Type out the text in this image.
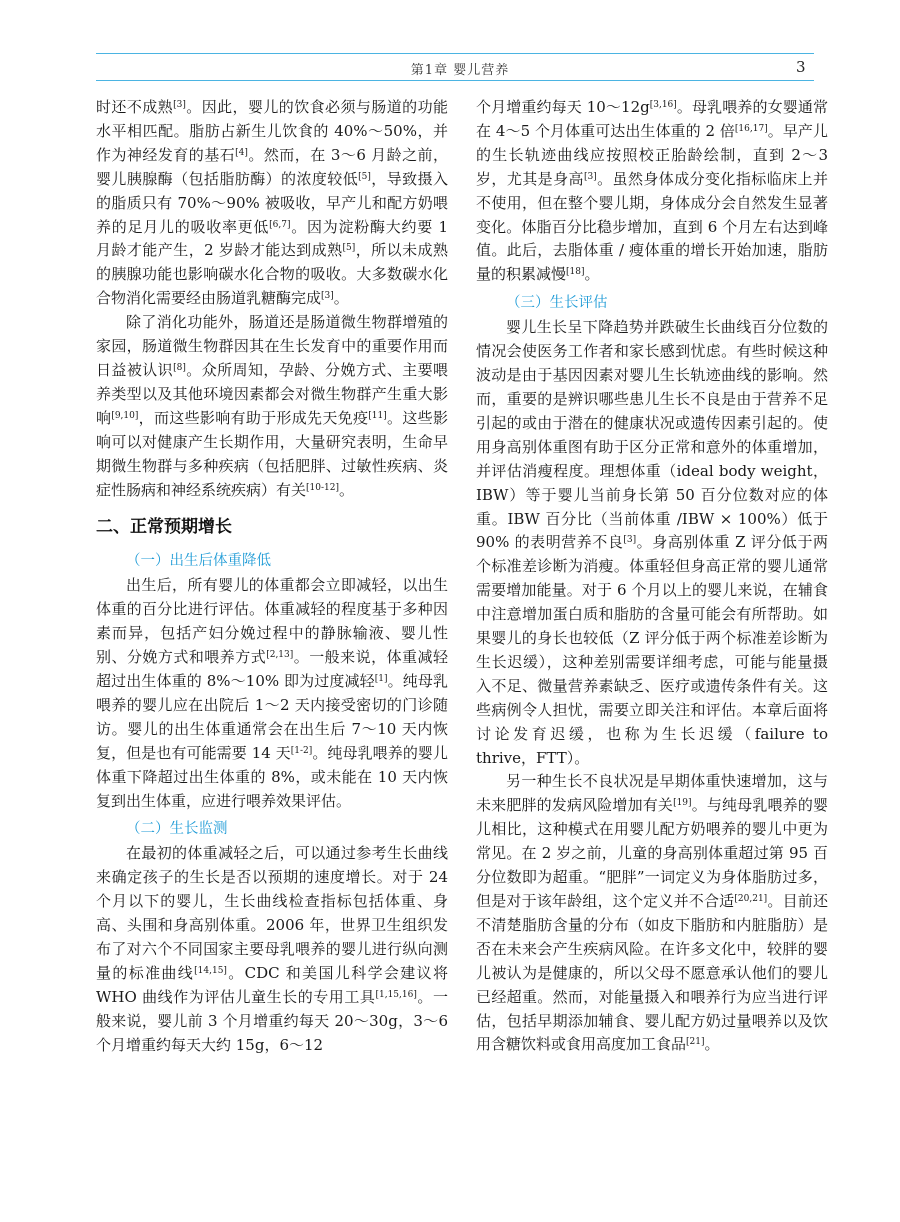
第1章 婴儿营养	3

时还不成熟[3]。因此，婴儿的饮食必须与肠道的功能水平相匹配。脂肪占新生儿饮食的 40%～50%，并作为神经发育的基石[4]。然而，在 3～6 月龄之前，婴儿胰腺酶（包括脂肪酶）的浓度较低[5]，导致摄入的脂质只有 70%～90% 被吸收，早产儿和配方奶喂养的足月儿的吸收率更低[6,7]。因为淀粉酶大约要 1 月龄才能产生，2 岁龄才能达到成熟[5]，所以未成熟的胰腺功能也影响碳水化合物的吸收。大多数碳水化合物消化需要经由肠道乳糖酶完成[3]。

除了消化功能外，肠道还是肠道微生物群增殖的家园，肠道微生物群因其在生长发育中的重要作用而日益被认识[8]。众所周知，孕龄、分娩方式、主要喂养类型以及其他环境因素都会对微生物群产生重大影响[9,10]，而这些影响有助于形成先天免疫[11]。这些影响可以对健康产生长期作用，大量研究表明，生命早期微生物群与多种疾病（包括肥胖、过敏性疾病、炎症性肠病和神经系统疾病）有关[10-12]。

二、正常预期增长
（一）出生后体重降低

出生后，所有婴儿的体重都会立即减轻，以出生体重的百分比进行评估。体重减轻的程度基于多种因素而异，包括产妇分娩过程中的静脉输液、婴儿性别、分娩方式和喂养方式[2,13]。一般来说，体重减轻超过出生体重的 8%～10% 即为过度减轻[1]。纯母乳喂养的婴儿应在出院后 1～2 天内接受密切的门诊随访。婴儿的出生体重通常会在出生后 7～10 天内恢复，但是也有可能需要 14 天[1-2]。纯母乳喂养的婴儿体重下降超过出生体重的 8%，或未能在 10 天内恢复到出生体重，应进行喂养效果评估。

（二）生长监测

在最初的体重减轻之后，可以通过参考生长曲线来确定孩子的生长是否以预期的速度增长。对于 24 个月以下的婴儿，生长曲线检查指标包括体重、身高、头围和身高别体重。2006 年，世界卫生组织发布了对六个不同国家主要母乳喂养的婴儿进行纵向测量的标准曲线[14,15]。CDC 和美国儿科学会建议将 WHO 曲线作为评估儿童生长的专用工具[1,15,16]。一般来说，婴儿前 3 个月增重约每天 20～30g，3～6 个月增重约每天大约 15g，6～12

个月增重约每天 10～12g[3,16]。母乳喂养的女婴通常在 4～5 个月体重可达出生体重的 2 倍[16,17]。早产儿的生长轨迹曲线应按照校正胎龄绘制，直到 2～3 岁，尤其是身高[3]。虽然身体成分变化指标临床上并不使用，但在整个婴儿期，身体成分会自然发生显著变化。体脂百分比稳步增加，直到 6 个月左右达到峰值。此后，去脂体重 / 瘦体重的增长开始加速，脂肪量的积累减慢[18]。

（三）生长评估

婴儿生长呈下降趋势并跌破生长曲线百分位数的情况会使医务工作者和家长感到忧虑。有些时候这种波动是由于基因因素对婴儿生长轨迹曲线的影响。然而，重要的是辨识哪些患儿生长不良是由于营养不足引起的或由于潜在的健康状况或遗传因素引起的。使用身高别体重图有助于区分正常和意外的体重增加，并评估消瘦程度。理想体重（ideal body weight，IBW）等于婴儿当前身长第 50 百分位数对应的体重。IBW 百分比（当前体重 /IBW × 100%）低于 90% 的表明营养不良[3]。身高别体重 Z 评分低于两个标准差诊断为消瘦。体重轻但身高正常的婴儿通常需要增加能量。对于 6 个月以上的婴儿来说，在辅食中注意增加蛋白质和脂肪的含量可能会有所帮助。如果婴儿的身长也较低（Z 评分低于两个标准差诊断为生长迟缓），这种差别需要详细考虑，可能与能量摄入不足、微量营养素缺乏、医疗或遗传条件有关。这些病例令人担忧，需要立即关注和评估。本章后面将讨论发育迟缓，也称为生长迟缓（failure to thrive，FTT）。

另一种生长不良状况是早期体重快速增加，这与未来肥胖的发病风险增加有关[19]。与纯母乳喂养的婴儿相比，这种模式在用婴儿配方奶喂养的婴儿中更为常见。在 2 岁之前，儿童的身高别体重超过第 95 百分位数即为超重。“肥胖”一词定义为身体脂肪过多，但是对于该年龄组，这个定义并不合适[20,21]。目前还不清楚脂肪含量的分布（如皮下脂肪和内脏脂肪）是否在未来会产生疾病风险。在许多文化中，较胖的婴儿被认为是健康的，所以父母不愿意承认他们的婴儿已经超重。然而，对能量摄入和喂养行为应当进行评估，包括早期添加辅食、婴儿配方奶过量喂养以及饮用含糖饮料或食用高度加工食品[21]。
